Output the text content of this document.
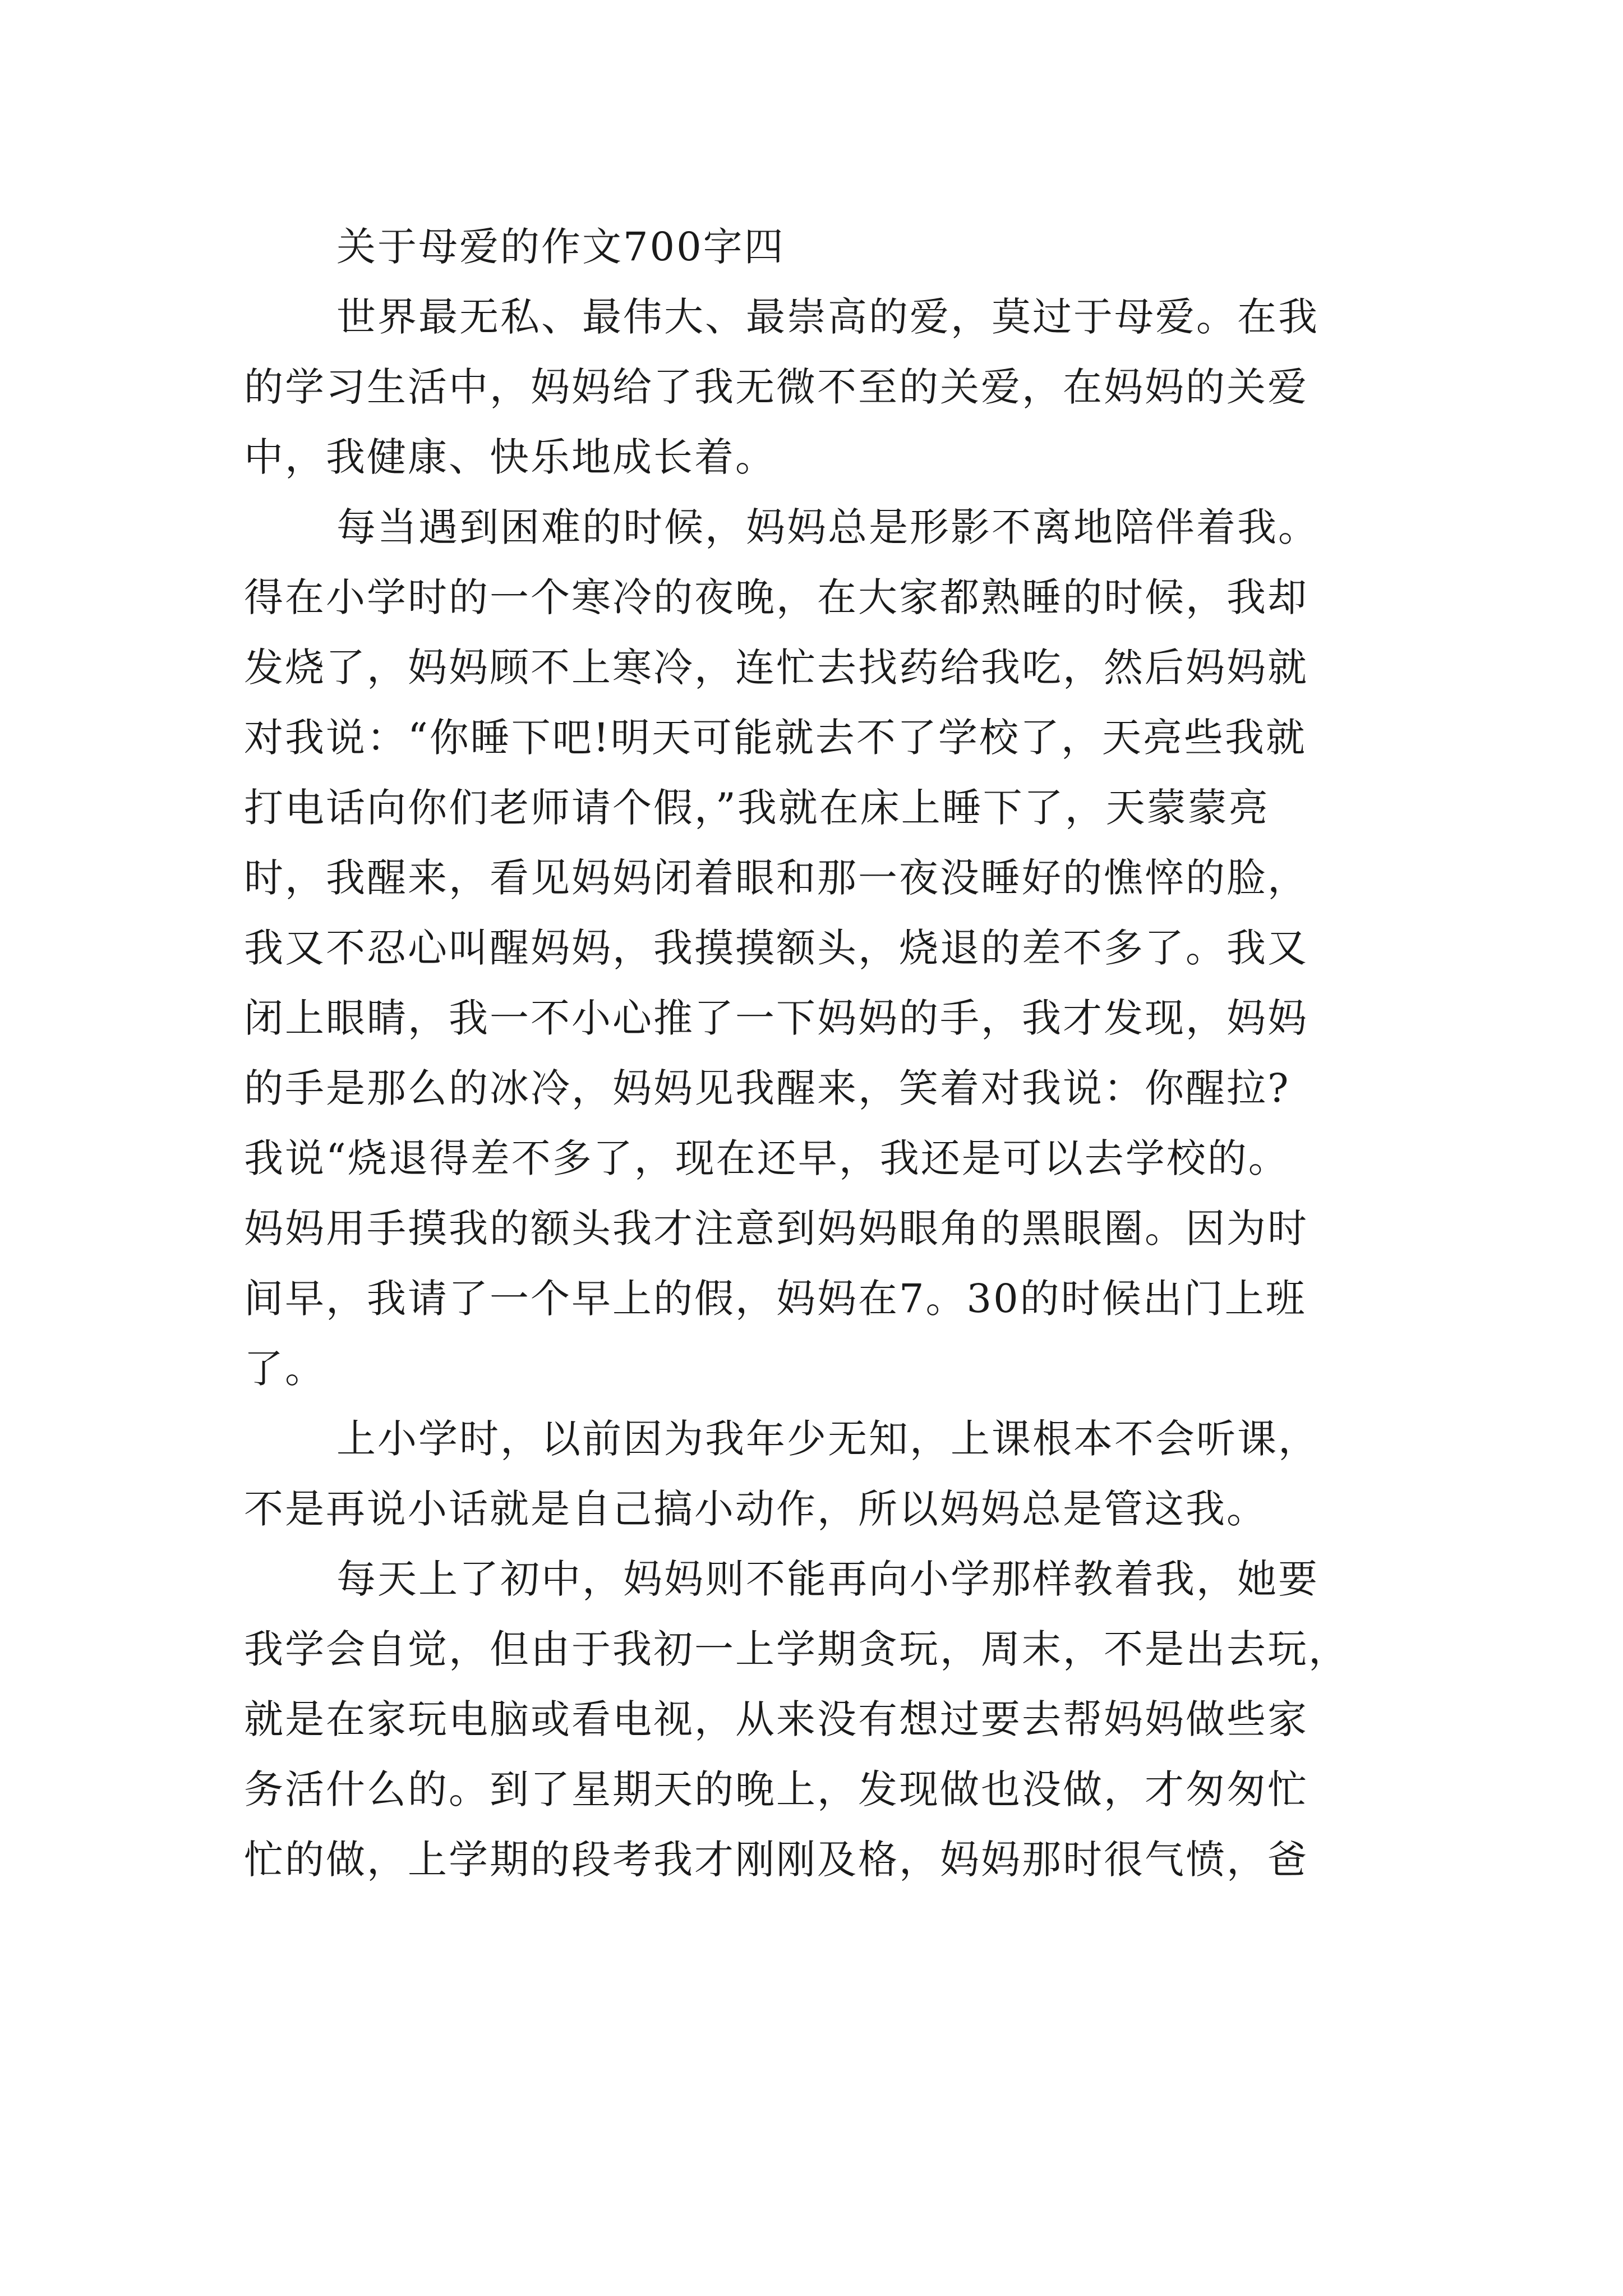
关于母爱的作文700字四
世界最无私、最伟大、最崇高的爱，莫过于母爱。在我
的学习生活中，妈妈给了我无微不至的关爱，在妈妈的关爱
中，我健康、快乐地成长着。
每当遇到困难的时候，妈妈总是形影不离地陪伴着我。
得在小学时的一个寒冷的夜晚，在大家都熟睡的时候，我却
发烧了，妈妈顾不上寒冷，连忙去找药给我吃，然后妈妈就
对我说：“你睡下吧!明天可能就去不了学校了，天亮些我就
打电话向你们老师请个假，”我就在床上睡下了，天蒙蒙亮
时，我醒来，看见妈妈闭着眼和那一夜没睡好的憔悴的脸，
我又不忍心叫醒妈妈，我摸摸额头，烧退的差不多了。我又
闭上眼睛，我一不小心推了一下妈妈的手，我才发现，妈妈
的手是那么的冰冷，妈妈见我醒来，笑着对我说：你醒拉?
我说“烧退得差不多了，现在还早，我还是可以去学校的。
妈妈用手摸我的额头我才注意到妈妈眼角的黑眼圈。因为时
间早，我请了一个早上的假，妈妈在7。30的时候出门上班
了。
上小学时，以前因为我年少无知，上课根本不会听课，
不是再说小话就是自己搞小动作，所以妈妈总是管这我。
每天上了初中，妈妈则不能再向小学那样教着我，她要
我学会自觉，但由于我初一上学期贪玩，周末，不是出去玩，
就是在家玩电脑或看电视，从来没有想过要去帮妈妈做些家
务活什么的。到了星期天的晚上，发现做也没做，才匆匆忙
忙的做，上学期的段考我才刚刚及格，妈妈那时很气愤，爸
